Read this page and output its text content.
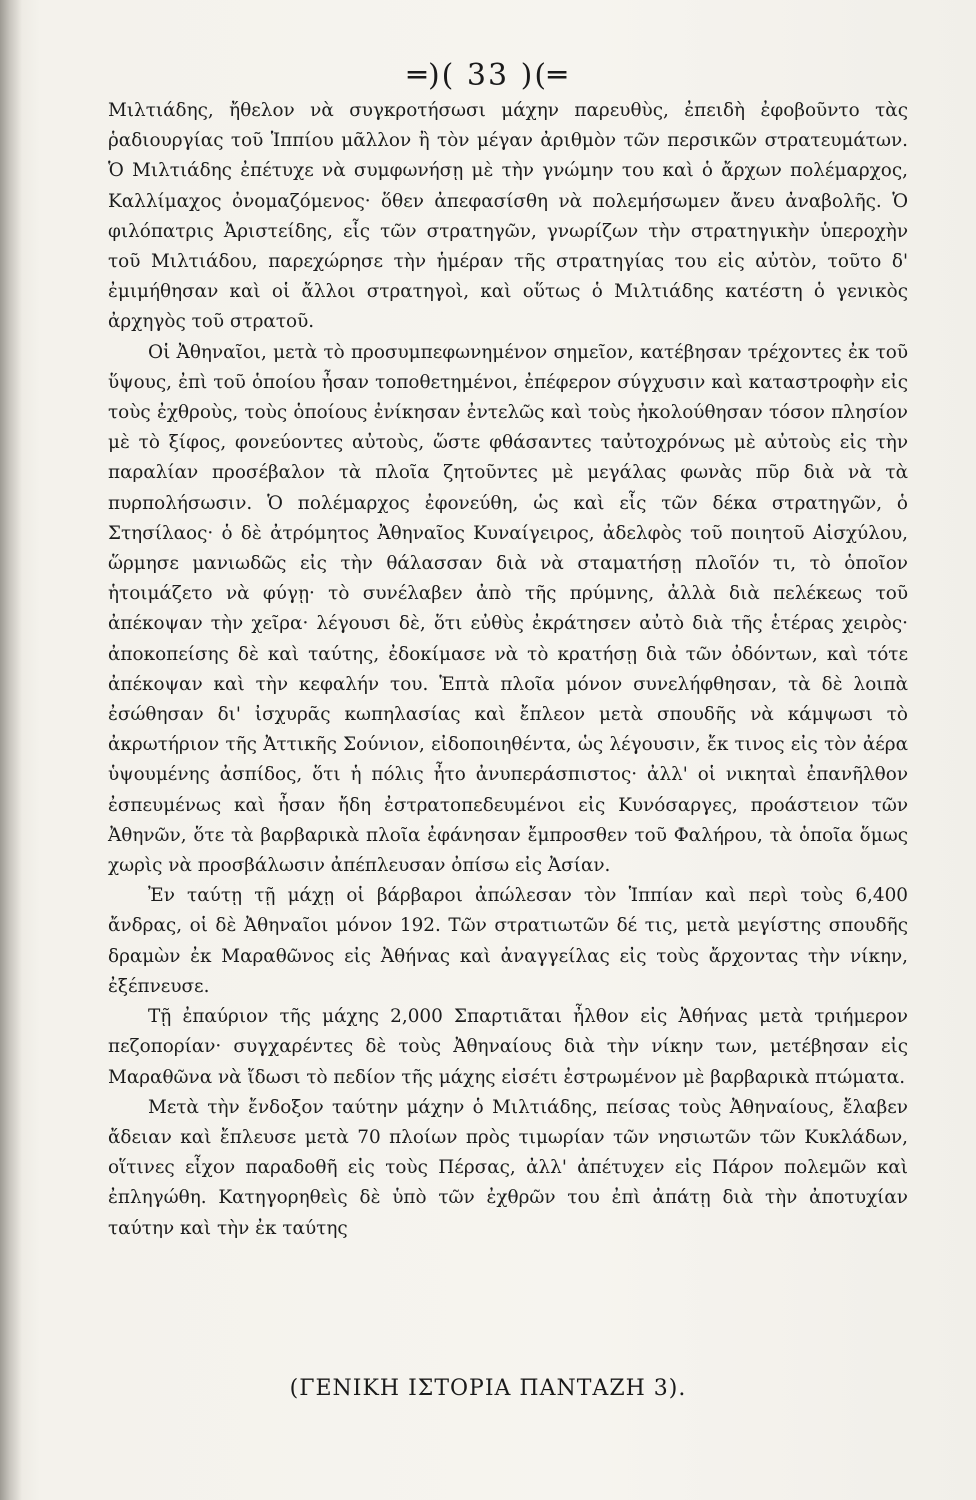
═)( 33 )(═

Μιλτιάδης, ἤθελον νὰ συγκροτήσωσι μάχην παρευθὺς, ἐπειδὴ ἐφοβοῦντο τὰς ῥαδιουργίας τοῦ Ἱππίου μᾶλλον ἢ τὸν μέγαν ἀριθμὸν τῶν περσικῶν στρατευμάτων. Ὁ Μιλτιάδης ἐπέτυχε νὰ συμφωνήσῃ μὲ τὴν γνώμην του καὶ ὁ ἄρχων πολέμαρχος, Καλλίμαχος ὀνομαζόμενος· ὅθεν ἀπεφασίσθη νὰ πολεμήσωμεν ἄνευ ἀναβολῆς. Ὁ φιλόπατρις Ἀριστείδης, εἷς τῶν στρατηγῶν, γνωρίζων τὴν στρατηγικὴν ὑπεροχὴν τοῦ Μιλτιάδου, παρεχώρησε τὴν ἡμέραν τῆς στρατηγίας του εἰς αὐτὸν, τοῦτο δ' ἐμιμήθησαν καὶ οἱ ἄλλοι στρατηγοὶ, καὶ οὕτως ὁ Μιλτιάδης κατέστη ὁ γενικὸς ἀρχηγὸς τοῦ στρατοῦ.

Οἱ Ἀθηναῖοι, μετὰ τὸ προσυμπεφωνημένον σημεῖον, κατέβησαν τρέχοντες ἐκ τοῦ ὕψους, ἐπὶ τοῦ ὁποίου ἦσαν τοποθετημένοι, ἐπέφερον σύγχυσιν καὶ καταστροφὴν εἰς τοὺς ἐχθροὺς, τοὺς ὁποίους ἐνίκησαν ἐντελῶς καὶ τοὺς ἠκολούθησαν τόσον πλησίον μὲ τὸ ξίφος, φονεύοντες αὐτοὺς, ὥστε φθάσαντες ταὐτοχρόνως μὲ αὐτοὺς εἰς τὴν παραλίαν προσέβαλον τὰ πλοῖα ζητοῦντες μὲ μεγάλας φωνὰς πῦρ διὰ νὰ τὰ πυρπολήσωσιν. Ὁ πολέμαρχος ἐφονεύθη, ὡς καὶ εἷς τῶν δέκα στρατηγῶν, ὁ Στησίλαος· ὁ δὲ ἀτρόμητος Ἀθηναῖος Κυναίγειρος, ἀδελφὸς τοῦ ποιητοῦ Αἰσχύλου, ὥρμησε μανιωδῶς εἰς τὴν θάλασσαν διὰ νὰ σταματήσῃ πλοῖόν τι, τὸ ὁποῖον ἡτοιμάζετο νὰ φύγῃ· τὸ συνέλαβεν ἀπὸ τῆς πρύμνης, ἀλλὰ διὰ πελέκεως τοῦ ἀπέκοψαν τὴν χεῖρα· λέγουσι δὲ, ὅτι εὐθὺς ἐκράτησεν αὐτὸ διὰ τῆς ἑτέρας χειρὸς· ἀποκοπείσης δὲ καὶ ταύτης, ἐδοκίμασε νὰ τὸ κρατήσῃ διὰ τῶν ὀδόντων, καὶ τότε ἀπέκοψαν καὶ τὴν κεφαλήν του. Ἑπτὰ πλοῖα μόνον συνελήφθησαν, τὰ δὲ λοιπὰ ἐσώθησαν δι' ἰσχυρᾶς κωπηλασίας καὶ ἔπλεον μετὰ σπουδῆς νὰ κάμψωσι τὸ ἀκρωτήριον τῆς Ἀττικῆς Σούνιον, εἰδοποιηθέντα, ὡς λέγουσιν, ἔκ τινος εἰς τὸν ἀέρα ὑψουμένης ἀσπίδος, ὅτι ἡ πόλις ἦτο ἀνυπεράσπιστος· ἀλλ' οἱ νικηταὶ ἐπανῆλθον ἐσπευμένως καὶ ἦσαν ἤδη ἐστρατοπεδευμένοι εἰς Κυνόσαργες, προάστειον τῶν Ἀθηνῶν, ὅτε τὰ βαρβαρικὰ πλοῖα ἐφάνησαν ἔμπροσθεν τοῦ Φαλήρου, τὰ ὁποῖα ὅμως χωρὶς νὰ προσβάλωσιν ἀπέπλευσαν ὀπίσω εἰς Ἀσίαν.

Ἐν ταύτῃ τῇ μάχῃ οἱ βάρβαροι ἀπώλεσαν τὸν Ἱππίαν καὶ περὶ τοὺς 6,400 ἄνδρας, οἱ δὲ Ἀθηναῖοι μόνον 192. Τῶν στρατιωτῶν δέ τις, μετὰ μεγίστης σπουδῆς δραμὼν ἐκ Μαραθῶνος εἰς Ἀθήνας καὶ ἀναγγείλας εἰς τοὺς ἄρχοντας τὴν νίκην, ἐξέπνευσε.

Τῇ ἐπαύριον τῆς μάχης 2,000 Σπαρτιᾶται ἦλθον εἰς Ἀθήνας μετὰ τριήμερον πεζοπορίαν· συγχαρέντες δὲ τοὺς Ἀθηναίους διὰ τὴν νίκην των, μετέβησαν εἰς Μαραθῶνα νὰ ἴδωσι τὸ πεδίον τῆς μάχης εἰσέτι ἐστρωμένον μὲ βαρβαρικὰ πτώματα.

Μετὰ τὴν ἔνδοξον ταύτην μάχην ὁ Μιλτιάδης, πείσας τοὺς Ἀθηναίους, ἔλαβεν ἄδειαν καὶ ἔπλευσε μετὰ 70 πλοίων πρὸς τιμωρίαν τῶν νησιωτῶν τῶν Κυκλάδων, οἵτινες εἶχον παραδοθῆ εἰς τοὺς Πέρσας, ἀλλ' ἀπέτυχεν εἰς Πάρον πολεμῶν καὶ ἐπληγώθη. Κατηγορηθεὶς δὲ ὑπὸ τῶν ἐχθρῶν του ἐπὶ ἀπάτῃ διὰ τὴν ἀποτυχίαν ταύτην καὶ τὴν ἐκ ταύτης

(ΓΕΝΙΚΗ ΙΣΤΟΡΙΑ ΠΑΝΤΑΖΗ 3).
